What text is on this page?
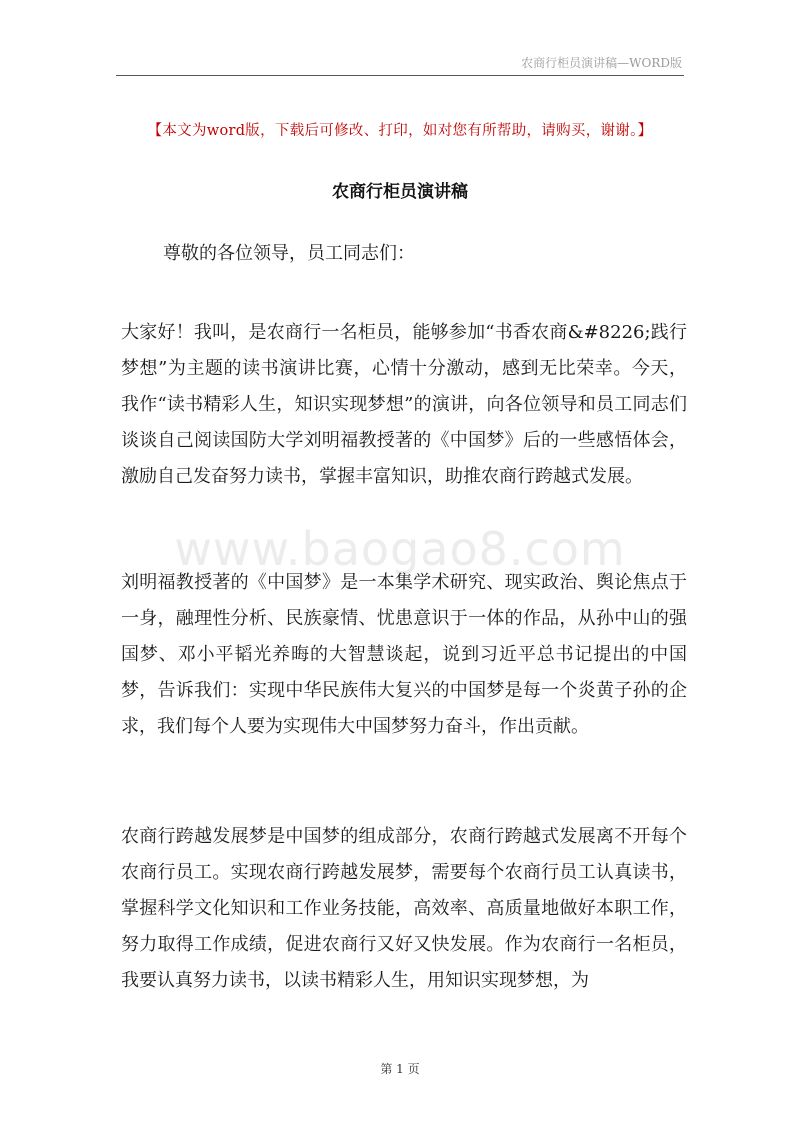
农商行柜员演讲稿—WORD版
【本文为word版，下载后可修改、打印，如对您有所帮助，请购买，谢谢。】
农商行柜员演讲稿
尊敬的各位领导，员工同志们：

大家好！我叫，是农商行一名柜员，能够参加“书香农商&#8226;践行梦想”为主题的读书演讲比赛，心情十分激动，感到无比荣幸。今天，我作“读书精彩人生，知识实现梦想”的演讲，向各位领导和员工同志们谈谈自己阅读国防大学刘明福教授著的《中国梦》后的一些感悟体会，激励自己发奋努力读书，掌握丰富知识，助推农商行跨越式发展。

www.baogao8.com

刘明福教授著的《中国梦》是一本集学术研究、现实政治、舆论焦点于一身，融理性分析、民族豪情、忧患意识于一体的作品，从孙中山的强国梦、邓小平韬光养晦的大智慧谈起，说到习近平总书记提出的中国梦，告诉我们：实现中华民族伟大复兴的中国梦是每一个炎黄子孙的企求，我们每个人要为实现伟大中国梦努力奋斗，作出贡献。

农商行跨越发展梦是中国梦的组成部分，农商行跨越式发展离不开每个农商行员工。实现农商行跨越发展梦，需要每个农商行员工认真读书，掌握科学文化知识和工作业务技能，高效率、高质量地做好本职工作，努力取得工作成绩，促进农商行又好又快发展。作为农商行一名柜员，我要认真努力读书，以读书精彩人生，用知识实现梦想，为

第 1 页
